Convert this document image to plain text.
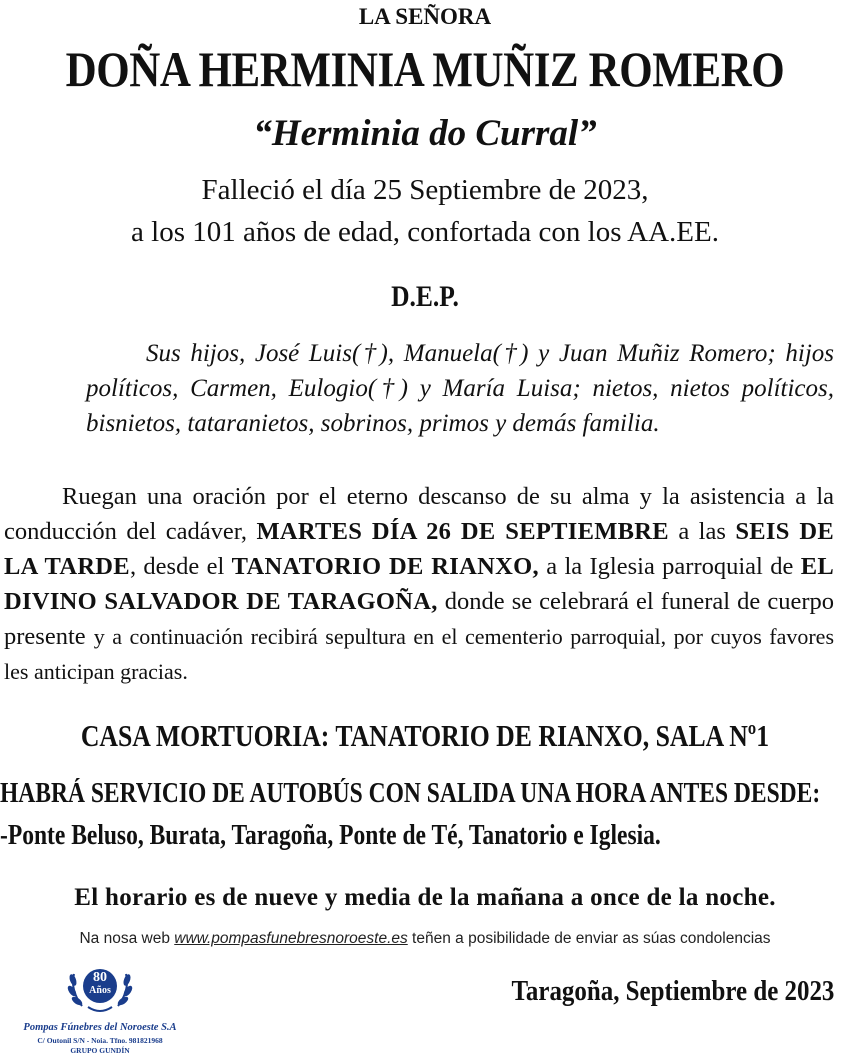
LA SEÑORA
DOÑA HERMINIA MUÑIZ ROMERO
“Herminia do Curral”
Falleció el día 25 Septiembre de 2023,
a los 101 años de edad, confortada con los AA.EE.
D.E.P.
Sus hijos, José Luis(†), Manuela(†) y Juan Muñiz Romero; hijos políticos, Carmen, Eulogio(†) y María Luisa; nietos, nietos políticos, bisnietos, tataranietos, sobrinos, primos y demás familia.
Ruegan una oración por el eterno descanso de su alma y la asistencia a la conducción del cadáver, MARTES DÍA 26 DE SEPTIEMBRE a las SEIS DE LA TARDE, desde el TANATORIO DE RIANXO, a la Iglesia parroquial de EL DIVINO SALVADOR DE TARAGOÑA, donde se celebrará el funeral de cuerpo presente y a continuación recibirá sepultura en el cementerio parroquial, por cuyos favores les anticipan gracias.
CASA MORTUORIA: TANATORIO DE RIANXO, SALA Nº1
HABRÁ SERVICIO DE AUTOBÚS CON SALIDA UNA HORA ANTES DESDE:
-Ponte Beluso, Burata, Taragoña, Ponte de Té, Tanatorio e Iglesia.
El horario es de nueve y media de la mañana a once de la noche.
Na nosa web www.pompasfunebresnoroeste.es teñen a posibilidade de enviar as súas condolencias
Taragoña, Septiembre de 2023
80
Años
Pompas Fúnebres del Noroeste S.A
C/ Outonil S/N - Noia. Tfno. 981821968
GRUPO GUNDÍN
